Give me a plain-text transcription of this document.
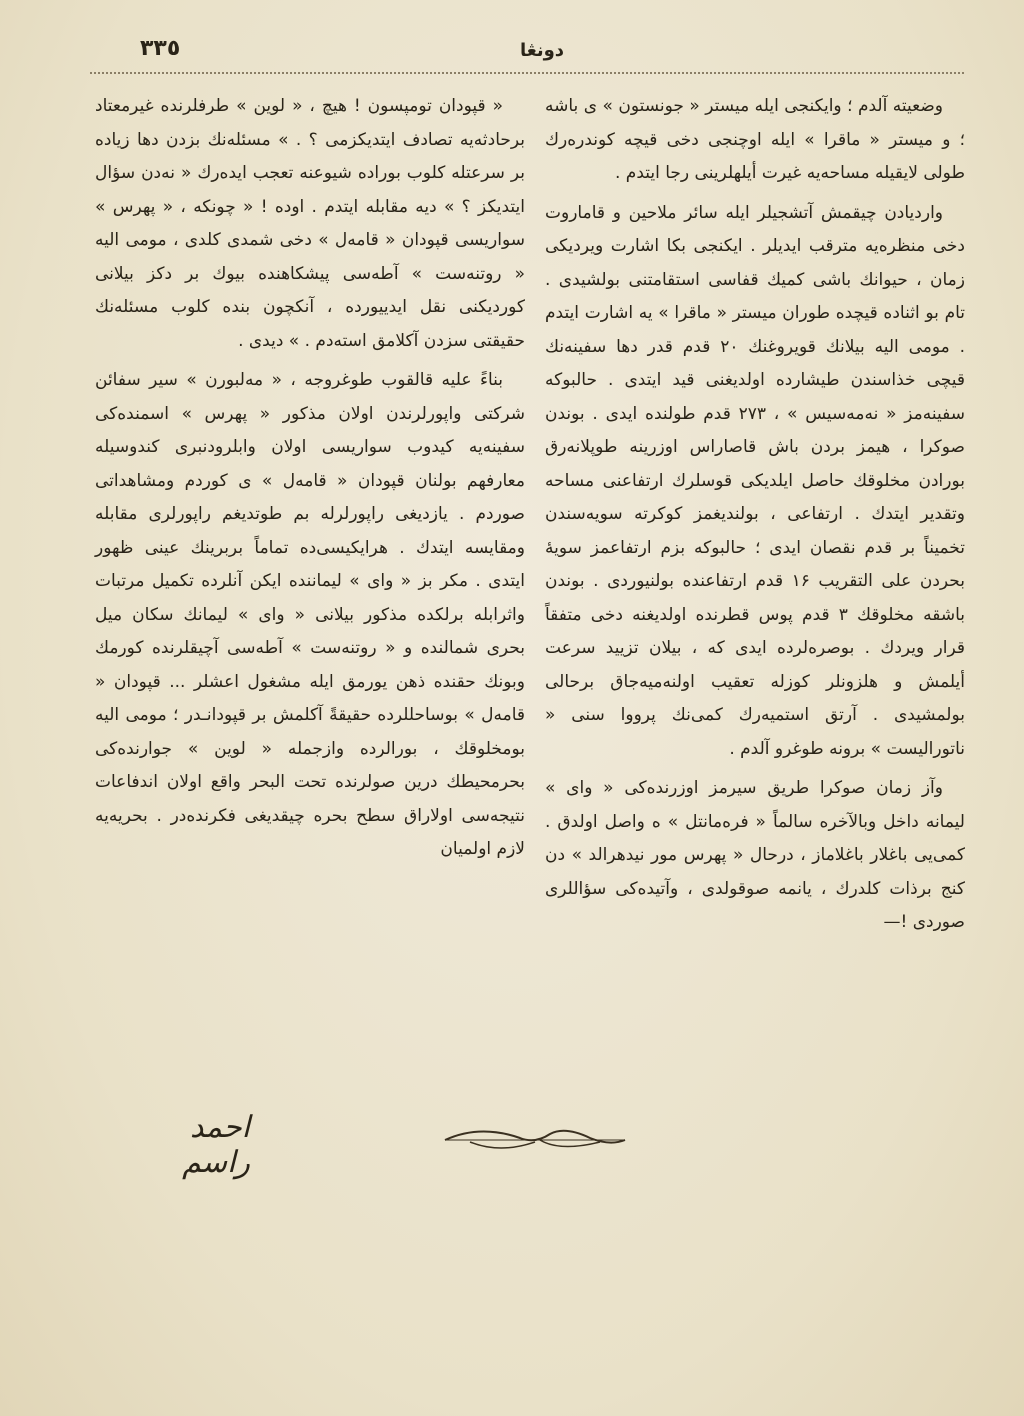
٣٣٥	دونڠا

وضعیته آلدم ؛ وایکنجی ایله میستر « جونستون » ی باشه ؛ و میستر « ماقرا » ایله اوچنجی دخی قیچه کوندره‌رك طولی لایقیله مساحه‌یه غیرت أیلهلرینی رجا ایتدم .

واردیادن چیقمش آتشجیلر ایله سائر ملاحین و قاماروت دخی منظره‌یه مترقب ایدیلر . ایکنجی بکا اشارت ویردیکی زمان ، حیوانك باشی کمیك قفاسی استقامتنی بولشیدی . تام بو اثناده قیچده طوران میستر « ماقرا » یه اشارت ایتدم . مومی الیه بیلانك قویروغنك ۲۰ قدم قدر دها سفینه‌نك قیچی خذاسندن طیشارده اولدیغنی قید ایتدی . حالبوکه سفینه‌مز « نه‌مه‌سیس » ، ۲۷۳ قدم طولنده ایدی . بوندن صوکرا ، هیمز بردن باش قاصاراس اوزرینه طوپلانه‌رق بورادن مخلوقك حاصل ایلدیکی قوسلرك ارتفاعنی مساحه وتقدیر ایتدك . ارتفاعی ، بولندیغمز کوکرته سویه‌سندن تخمیناً بر قدم نقصان ایدی ؛ حالبوکه بزم ارتفاعمز سویهٔ بحردن علی التقریب ۱۶ قدم ارتفاعنده بولنیوردی . بوندن باشقه مخلوقك ۳ قدم پوس قطرنده اولدیغنه دخی متفقاً قرار ویردك . بوصره‌لرده ایدی که ، بیلان تزیید سرعت أیلمش و هلزونلر کوزله تعقیب اولنه‌میه‌جاق برحالی بولمشیدی . آرتق استمیه‌رك کمی‌نك پرووا سنی « ناتورالیست » برونه طوغرو آلدم .

وآز زمان صوکرا طریق سیرمز اوزرنده‌کی « وای » لیمانه داخل وبالآخره سالماً « فره‌مانتل » ه واصل اولدق . کمی‌یی باغلار باغلاماز ، درحال « پهرس مور نیدهرالد » دن کنج برذات کلدرك ، یانمه صوقولدی ، وآتیده‌کی سؤاللری صوردی !—

« قپودان تومپسون ! هیچ ، « لوین » طرفلرنده غیرمعتاد برحادثه‌یه تصادف ایتدیکزمی ؟ . » مسئله‌نك بزدن دها زیاده بر سرعتله کلوب بوراده شیوعنه تعجب ایده‌رك « نه‌دن سؤال ایتدیکز ؟ » دیه مقابله ایتدم . اوده ! « چونکه ، « پهرس » سواریسی قپودان « قامه‌ل » دخی شمدی کلدی ، مومی الیه « روتنه‌ست » آطه‌سی پیشکاهنده بیوك بر دکز بیلانی کوردیکنی نقل ایدییورده ، آنکچون بنده کلوب مسئله‌نك حقیقتی سزدن آکلامق استه‌دم . » دیدی .

بناءً علیه قالقوب طوغروجه ، « مه‌لبورن » سیر سفائن شرکتی واپورلرندن اولان مذکور « پهرس » اسمنده‌کی سفینه‌یه کیدوب سواریسی اولان وابلرودنبری کندوسیله معارفهم بولنان قپودان « قامه‌ل » ی کوردم ومشاهداتی صوردم . یازدیغی راپورلرله بم طوتدیغم راپورلری مقابله ومقایسه ایتدك . هرایکیسی‌ده تماماً بربرینك عینی ظهور ایتدی . مکر بز « وای » لیماننده ایکن آنلرده تکمیل مرتبات واثرابله برلکده مذکور بیلانی « وای » لیمانك سکان میل بحری شمالنده و « روتنه‌ست » آطه‌سی آچیقلرنده کورمك وبونك حقنده ذهن یورمق ایله مشغول اعشلر ... قپودان « قامه‌ل » بوساحللرده حقیقةً آکلمش بر قپودانـدر ؛ مومی الیه بومخلوقك ، بورالرده وازجمله « لوین » جوارنده‌کی بحرمحیطك درین صولرنده تحت البحر واقع اولان اندفاعات نتیجه‌سی اولاراق سطح بحره چیقدیغی فکرنده‌در . بحریه‌یه لازم اولمیان

احمد راسم
